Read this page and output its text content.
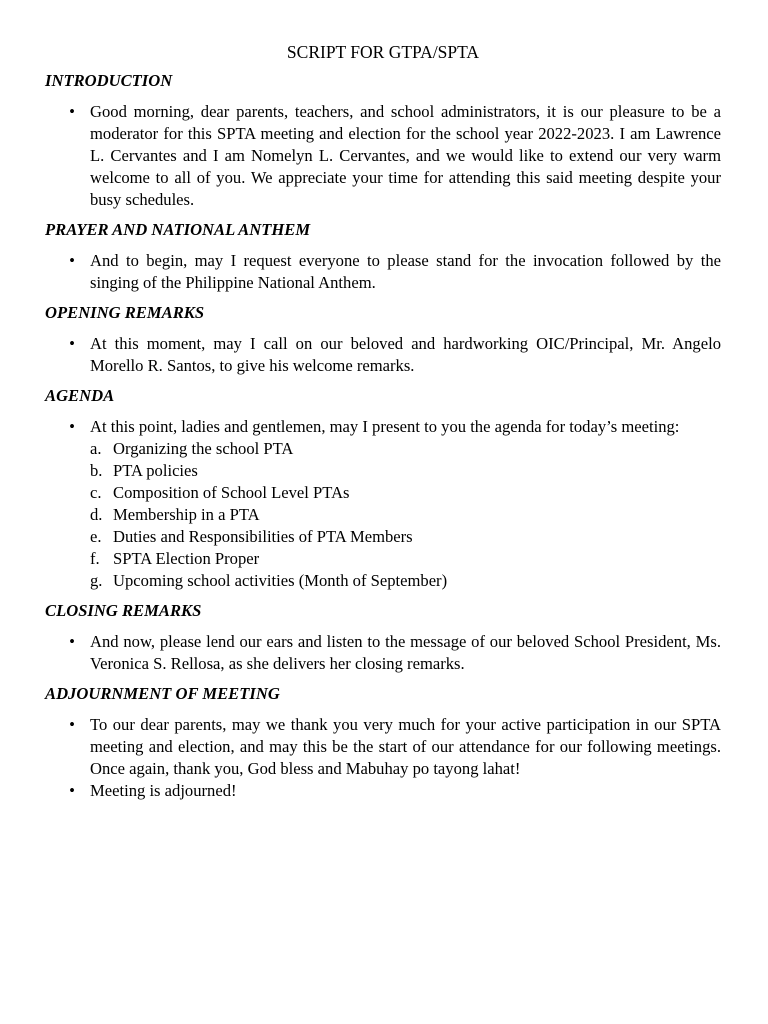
SCRIPT FOR GTPA/SPTA
INTRODUCTION
• Good morning, dear parents, teachers, and school administrators, it is our pleasure to be a moderator for this SPTA meeting and election for the school year 2022-2023. I am Lawrence L. Cervantes and I am Nomelyn L. Cervantes, and we would like to extend our very warm welcome to all of you. We appreciate your time for attending this said meeting despite your busy schedules.
PRAYER AND NATIONAL ANTHEM
• And to begin, may I request everyone to please stand for the invocation followed by the singing of the Philippine National Anthem.
OPENING REMARKS
• At this moment, may I call on our beloved and hardworking OIC/Principal, Mr. Angelo Morello R. Santos, to give his welcome remarks.
AGENDA
• At this point, ladies and gentlemen, may I present to you the agenda for today’s meeting:
a. Organizing the school PTA
b. PTA policies
c. Composition of School Level PTAs
d. Membership in a PTA
e. Duties and Responsibilities of PTA Members
f. SPTA Election Proper
g. Upcoming school activities (Month of September)
CLOSING REMARKS
• And now, please lend our ears and listen to the message of our beloved School President, Ms. Veronica S. Rellosa, as she delivers her closing remarks.
ADJOURNMENT OF MEETING
• To our dear parents, may we thank you very much for your active participation in our SPTA meeting and election, and may this be the start of our attendance for our following meetings. Once again, thank you, God bless and Mabuhay po tayong lahat!
• Meeting is adjourned!
